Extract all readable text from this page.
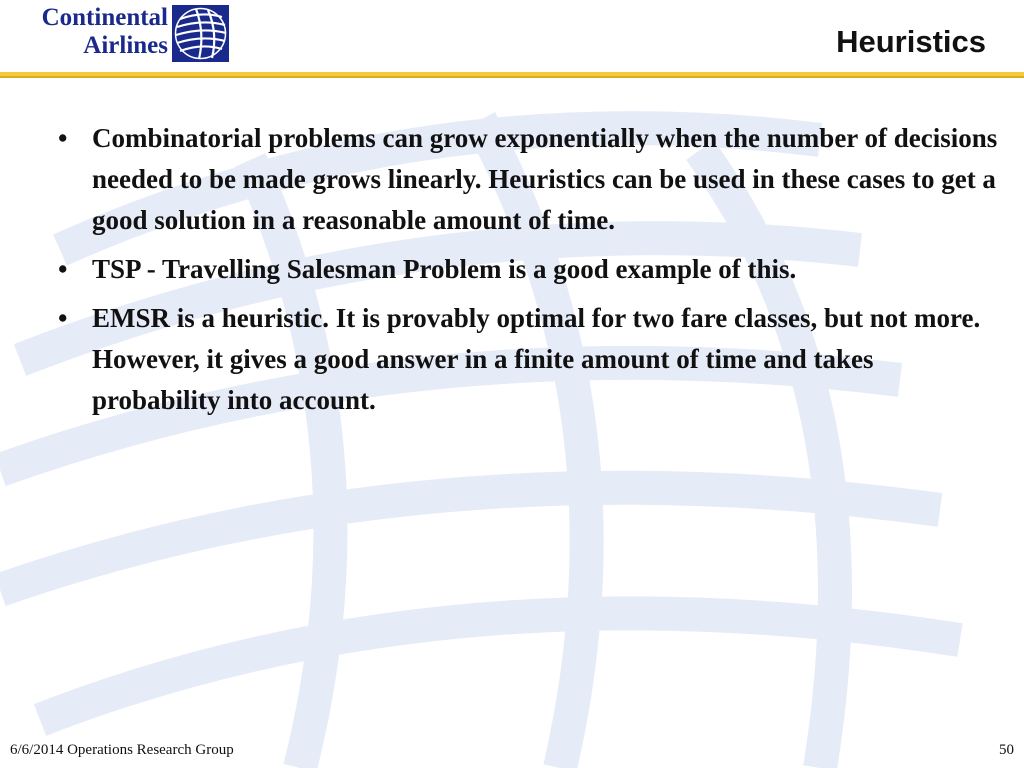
Continental
Airlines	Heuristics
• Combinatorial problems can grow exponentially when the number of decisions needed to be made grows linearly. Heuristics can be used in these cases to get a good solution in a reasonable amount of time.
• TSP - Travelling Salesman Problem is a good example of this.
• EMSR is a heuristic. It is provably optimal for two fare classes, but not more. However, it gives a good answer in a finite amount of time and takes probability into account.
6/6/2014 Operations Research Group	50
